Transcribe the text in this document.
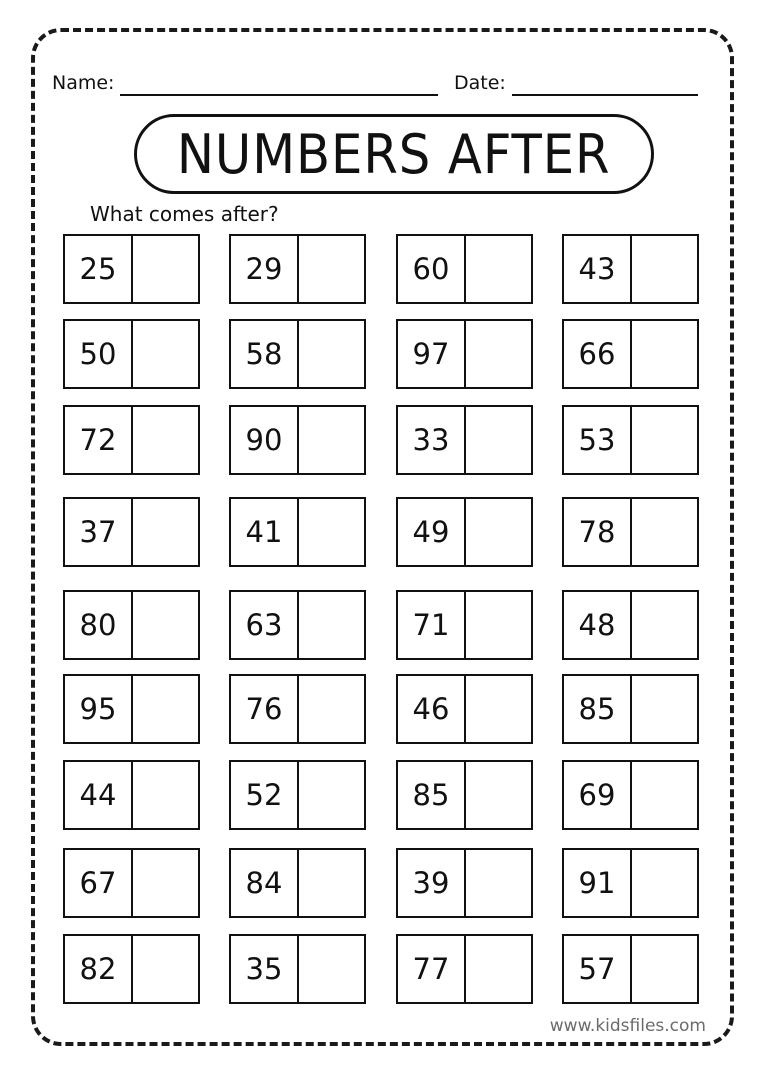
Name:	Date:
NUMBERS AFTER
What comes after?
25	29	60	43
50	58	97	66
72	90	33	53
37	41	49	78
80	63	71	48
95	76	46	85
44	52	85	69
67	84	39	91
82	35	77	57
www.kidsfiles.com
